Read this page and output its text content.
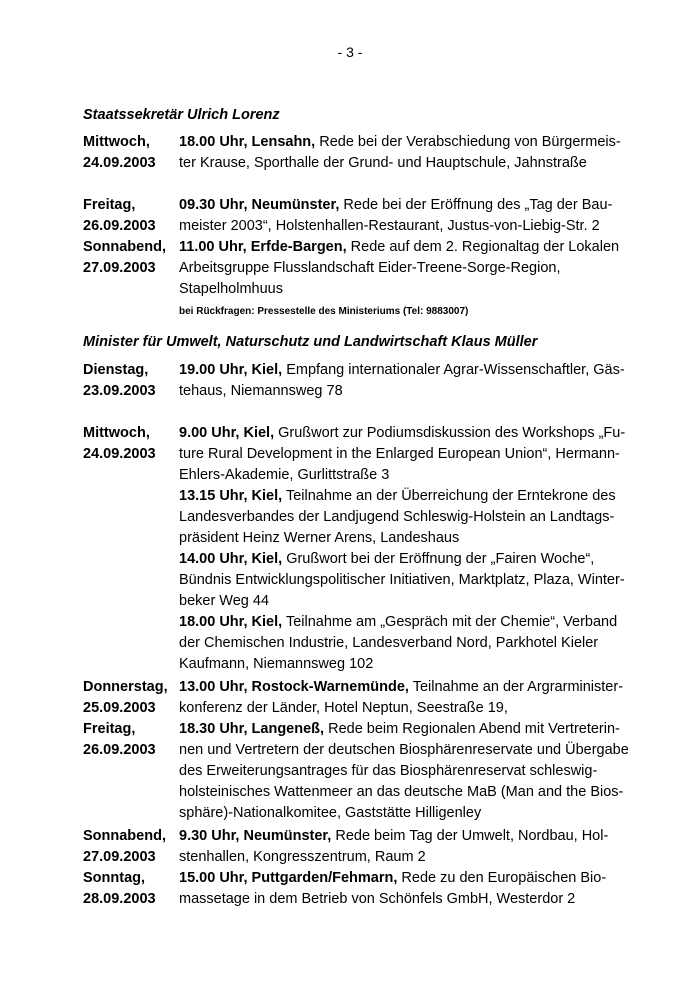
- 3 -
Staatssekretär Ulrich Lorenz
Mittwoch, 18.00 Uhr, Lensahn, Rede bei der Verabschiedung von Bürgermeis-
24.09.2003 ter Krause, Sporthalle der Grund- und Hauptschule, Jahnstraße
Freitag,	09.30 Uhr, Neumünster, Rede bei der Eröffnung des „Tag der Bau-
26.09.2003 meister 2003“, Holstenhallen-Restaurant, Justus-von-Liebig-Str. 2
Sonnabend, 11.00 Uhr, Erfde-Bargen, Rede auf dem 2. Regionaltag der Lokalen
27.09.2003 Arbeitsgruppe Flusslandschaft Eider-Treene-Sorge-Region,
Stapelholmhuus
bei Rückfragen: Pressestelle des Ministeriums (Tel: 9883007)
Minister für Umwelt, Naturschutz und Landwirtschaft Klaus Müller
Dienstag, 19.00 Uhr, Kiel, Empfang internationaler Agrar-Wissenschaftler, Gäs-
23.09.2003 tehaus, Niemannsweg 78
Mittwoch, 9.00 Uhr, Kiel, Grußwort zur Podiumsdiskussion des Workshops „Fu-
24.09.2003 ture Rural Development in the Enlarged European Union“, Hermann-
Ehlers-Akademie, Gurlittstraße 3
13.15 Uhr, Kiel, Teilnahme an der Überreichung der Erntekrone des
Landesverbandes der Landjugend Schleswig-Holstein an Landtags-
präsident Heinz Werner Arens, Landeshaus
14.00 Uhr, Kiel, Grußwort bei der Eröffnung der „Fairen Woche“,
Bündnis Entwicklungspolitischer Initiativen, Marktplatz, Plaza, Winter-
beker Weg 44
18.00 Uhr, Kiel, Teilnahme am „Gespräch mit der Chemie“, Verband
der Chemischen Industrie, Landesverband Nord, Parkhotel Kieler
Kaufmann, Niemannsweg 102
Donnerstag, 13.00 Uhr, Rostock-Warnemünde, Teilnahme an der Argrarminister-
25.09.2003 konferenz der Länder, Hotel Neptun, Seestraße 19,
Freitag,	18.30 Uhr, Langeneß, Rede beim Regionalen Abend mit Vertreterin-
26.09.2003 nen und Vertretern der deutschen Biosphärenreservate und Übergabe
des Erweiterungsantrages für das Biosphärenreservat schleswig-
holsteinisches Wattenmeer an das deutsche MaB (Man and the Bios-
sphäre)-Nationalkomitee, Gaststätte Hilligenley
Sonnabend, 9.30 Uhr, Neumünster, Rede beim Tag der Umwelt, Nordbau, Hol-
27.09.2003 stenhallen, Kongresszentrum, Raum 2
Sonntag, 15.00 Uhr, Puttgarden/Fehmarn, Rede zu den Europäischen Bio-
28.09.2003 massetage in dem Betrieb von Schönfels GmbH, Westerdor 2
